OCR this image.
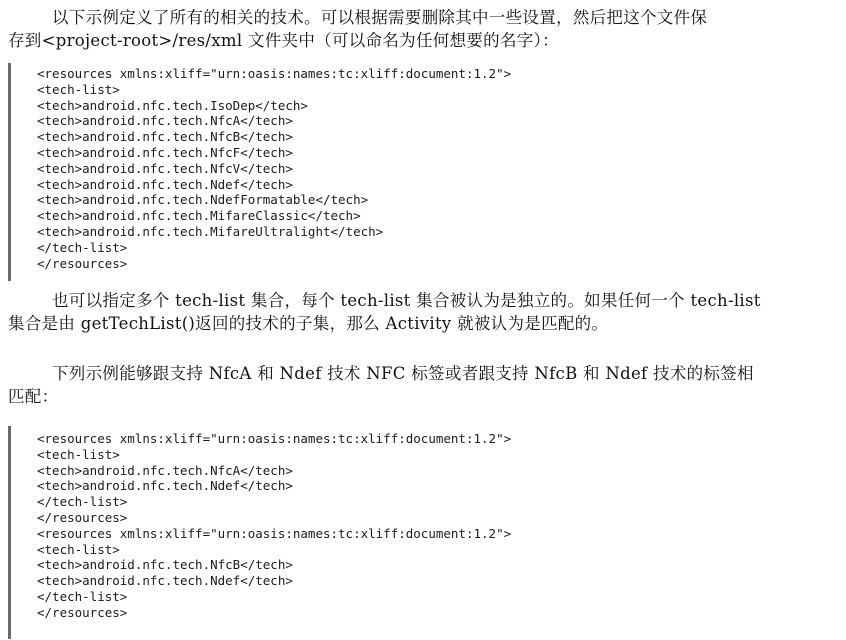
以下示例定义了所有的相关的技术。可以根据需要删除其中一些设置，然后把这个文件保
存到<project-root>/res/xml 文件夹中（可以命名为任何想要的名字）：

<resources xmlns:xliff="urn:oasis:names:tc:xliff:document:1.2">
<tech-list>
<tech>android.nfc.tech.IsoDep</tech>
<tech>android.nfc.tech.NfcA</tech>
<tech>android.nfc.tech.NfcB</tech>
<tech>android.nfc.tech.NfcF</tech>
<tech>android.nfc.tech.NfcV</tech>
<tech>android.nfc.tech.Ndef</tech>
<tech>android.nfc.tech.NdefFormatable</tech>
<tech>android.nfc.tech.MifareClassic</tech>
<tech>android.nfc.tech.MifareUltralight</tech>
</tech-list>
</resources>

也可以指定多个 tech-list 集合，每个 tech-list 集合被认为是独立的。如果任何一个 tech-list
集合是由 getTechList()返回的技术的子集，那么 Activity 就被认为是匹配的。

下列示例能够跟支持 NfcA 和 Ndef 技术 NFC 标签或者跟支持 NfcB 和 Ndef 技术的标签相
匹配：

<resources xmlns:xliff="urn:oasis:names:tc:xliff:document:1.2">
<tech-list>
<tech>android.nfc.tech.NfcA</tech>
<tech>android.nfc.tech.Ndef</tech>
</tech-list>
</resources>
<resources xmlns:xliff="urn:oasis:names:tc:xliff:document:1.2">
<tech-list>
<tech>android.nfc.tech.NfcB</tech>
<tech>android.nfc.tech.Ndef</tech>
</tech-list>
</resources>
